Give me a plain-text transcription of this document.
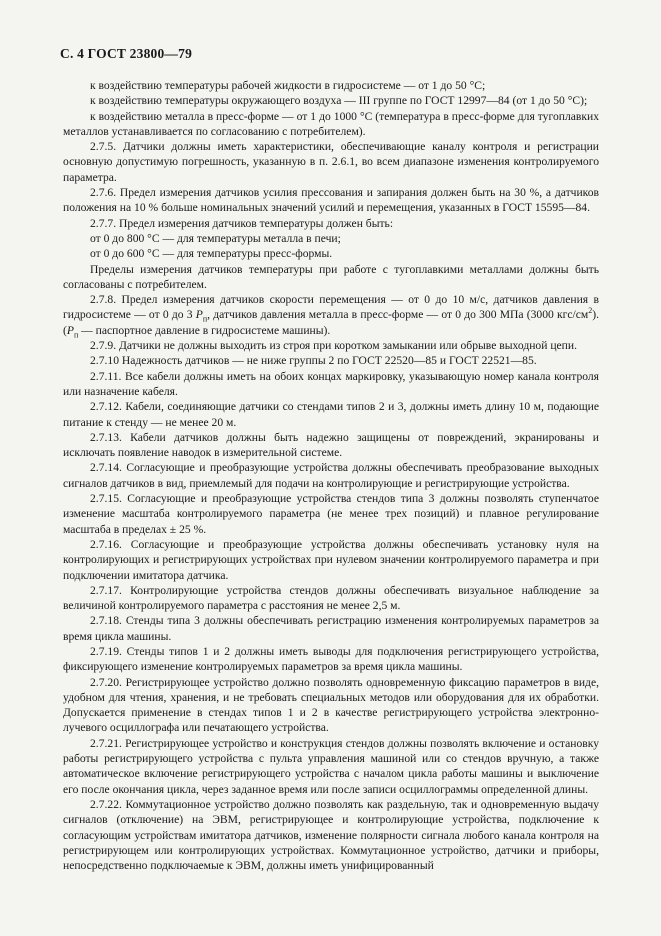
С. 4 ГОСТ 23800—79

к воздействию температуры рабочей жидкости в гидросистеме — от 1 до 50 °C;

к воздействию температуры окружающего воздуха — III группе по ГОСТ 12997—84 (от 1 до 50 °C);

к воздействию металла в пресс-форме — от 1 до 1000 °C (температура в пресс-форме для тугоплавких металлов устанавливается по согласованию с потребителем).

2.7.5. Датчики должны иметь характеристики, обеспечивающие каналу контроля и регистрации основную допустимую погрешность, указанную в п. 2.6.1, во всем диапазоне изменения контролируемого параметра.

2.7.6. Предел измерения датчиков усилия прессования и запирания должен быть на 30 %, а датчиков положения на 10 % больше номинальных значений усилий и перемещения, указанных в ГОСТ 15595—84.

2.7.7. Предел измерения датчиков температуры должен быть:

от 0 до 800 °C — для температуры металла в печи;

от 0 до 600 °C — для температуры пресс-формы.

Пределы измерения датчиков температуры при работе с тугоплавкими металлами должны быть согласованы с потребителем.

2.7.8. Предел измерения датчиков скорости перемещения — от 0 до 10 м/с, датчиков давления в гидросистеме — от 0 до 3 $P_п$, датчиков давления металла в пресс-форме — от 0 до 300 МПа (3000 кгс/$см^2$). ($P_п$ — паспортное давление в гидросистеме машины).

2.7.9. Датчики не должны выходить из строя при коротком замыкании или обрыве выходной цепи.

2.7.10 Надежность датчиков — не ниже группы 2 по ГОСТ 22520—85 и ГОСТ 22521—85.

2.7.11. Все кабели должны иметь на обоих концах маркировку, указывающую номер канала контроля или назначение кабеля.

2.7.12. Кабели, соединяющие датчики со стендами типов 2 и 3, должны иметь длину 10 м, подающие питание к стенду — не менее 20 м.

2.7.13. Кабели датчиков должны быть надежно защищены от повреждений, экранированы и исключать появление наводок в измерительной системе.

2.7.14. Согласующие и преобразующие устройства должны обеспечивать преобразование выходных сигналов датчиков в вид, приемлемый для подачи на контролирующие и регистрирующие устройства.

2.7.15. Согласующие и преобразующие устройства стендов типа 3 должны позволять ступенчатое изменение масштаба контролируемого параметра (не менее трех позиций) и плавное регулирование масштаба в пределах ± 25 %.

2.7.16. Согласующие и преобразующие устройства должны обеспечивать установку нуля на контролирующих и регистрирующих устройствах при нулевом значении контролируемого параметра и при подключении имитатора датчика.

2.7.17. Контролирующие устройства стендов должны обеспечивать визуальное наблюдение за величиной контролируемого параметра с расстояния не менее 2,5 м.

2.7.18. Стенды типа 3 должны обеспечивать регистрацию изменения контролируемых параметров за время цикла машины.

2.7.19. Стенды типов 1 и 2 должны иметь выводы для подключения регистрирующего устройства, фиксирующего изменение контролируемых параметров за время цикла машины.

2.7.20. Регистрирующее устройство должно позволять одновременную фиксацию параметров в виде, удобном для чтения, хранения, и не требовать специальных методов или оборудования для их обработки. Допускается применение в стендах типов 1 и 2 в качестве регистрирующего устройства электронно-лучевого осциллографа или печатающего устройства.

2.7.21. Регистрирующее устройство и конструкция стендов должны позволять включение и остановку работы регистрирующего устройства с пульта управления машиной или со стендов вручную, а также автоматическое включение регистрирующего устройства с началом цикла работы машины и выключение его после окончания цикла, через заданное время или после записи осциллограммы определенной длины.

2.7.22. Коммутационное устройство должно позволять как раздельную, так и одновременную выдачу сигналов (отключение) на ЭВМ, регистрирующее и контролирующие устройства, подключение к согласующим устройствам имитатора датчиков, изменение полярности сигнала любого канала контроля на регистрирующем или контролирующих устройствах. Коммутационное устройство, датчики и приборы, непосредственно подключаемые к ЭВМ, должны иметь унифицированный
